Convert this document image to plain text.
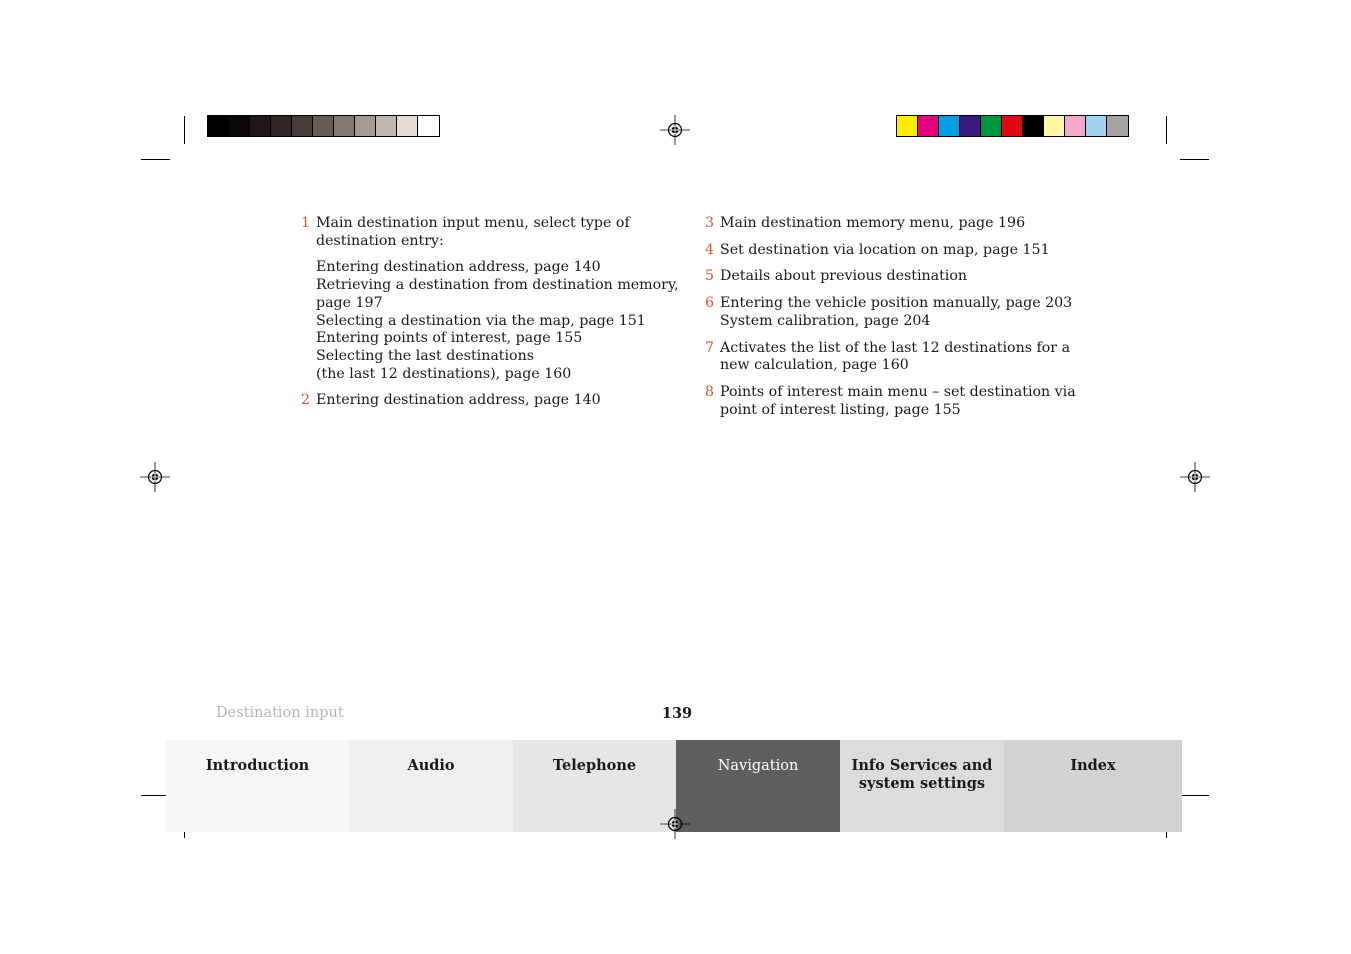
1 Main destination input menu, select type of
destination entry:
Entering destination address, page 140
Retrieving a destination from destination memory,
page 197
Selecting a destination via the map, page 151
Entering points of interest, page 155
Selecting the last destinations
(the last 12 destinations), page 160
2 Entering destination address, page 140
3 Main destination memory menu, page 196
4 Set destination via location on map, page 151
5 Details about previous destination
6 Entering the vehicle position manually, page 203
System calibration, page 204
7 Activates the list of the last 12 destinations for a
new calculation, page 160
8 Points of interest main menu – set destination via
point of interest listing, page 155
Destination input	139
Introduction	Audio	Telephone	Navigation	Info Services and
system settings
Index
